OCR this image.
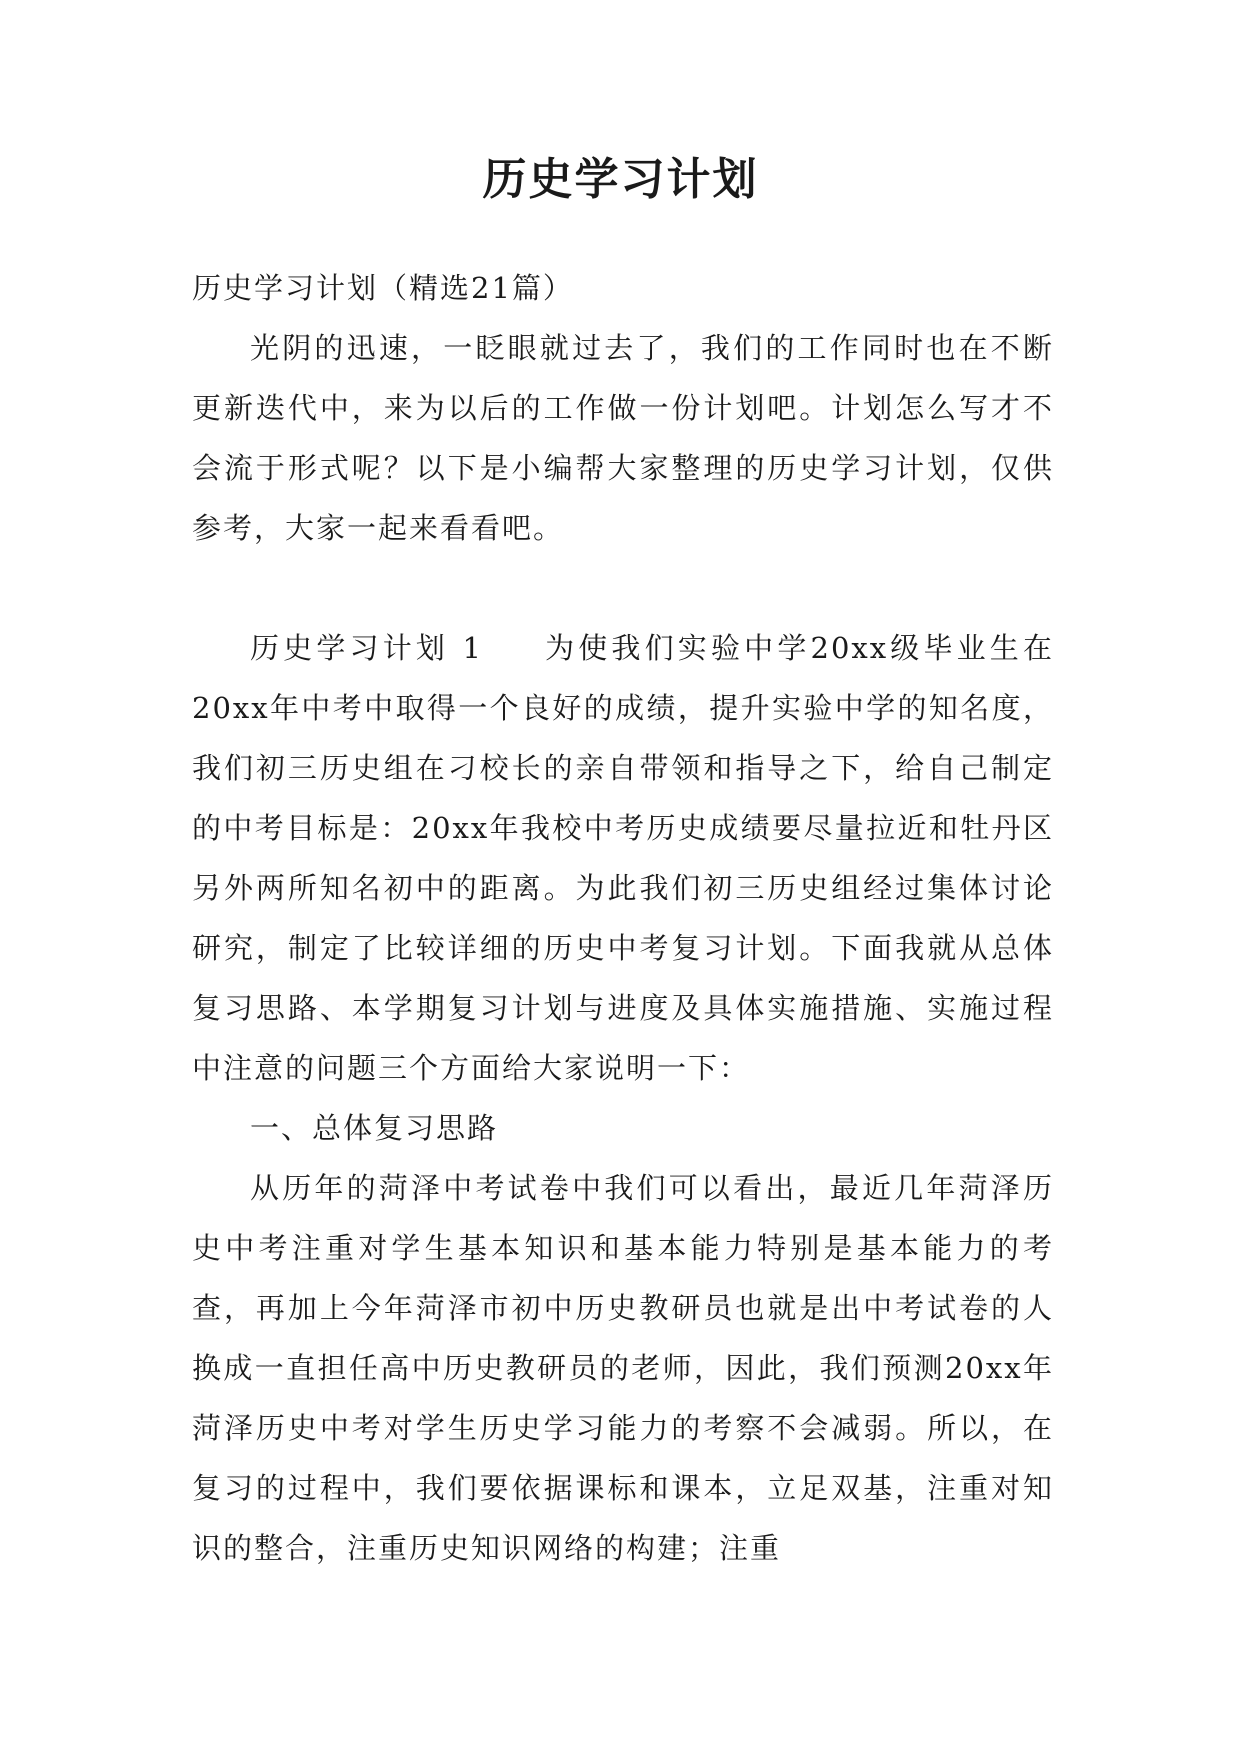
历史学习计划

历史学习计划（精选21篇）

光阴的迅速，一眨眼就过去了，我们的工作同时也在不断更新迭代中，来为以后的工作做一份计划吧。计划怎么写才不会流于形式呢？以下是小编帮大家整理的历史学习计划，仅供参考，大家一起来看看吧。

历史学习计划 1 为使我们实验中学20xx级毕业生在20xx年中考中取得一个良好的成绩，提升实验中学的知名度，我们初三历史组在刁校长的亲自带领和指导之下，给自己制定的中考目标是：20xx年我校中考历史成绩要尽量拉近和牡丹区另外两所知名初中的距离。为此我们初三历史组经过集体讨论研究，制定了比较详细的历史中考复习计划。下面我就从总体复习思路、本学期复习计划与进度及具体实施措施、实施过程中注意的问题三个方面给大家说明一下：

一、总体复习思路

从历年的菏泽中考试卷中我们可以看出，最近几年菏泽历史中考注重对学生基本知识和基本能力特别是基本能力的考查，再加上今年菏泽市初中历史教研员也就是出中考试卷的人换成一直担任高中历史教研员的老师，因此，我们预测20xx年菏泽历史中考对学生历史学习能力的考察不会减弱。所以，在复习的过程中，我们要依据课标和课本，立足双基，注重对知识的整合，注重历史知识网络的构建；注重
